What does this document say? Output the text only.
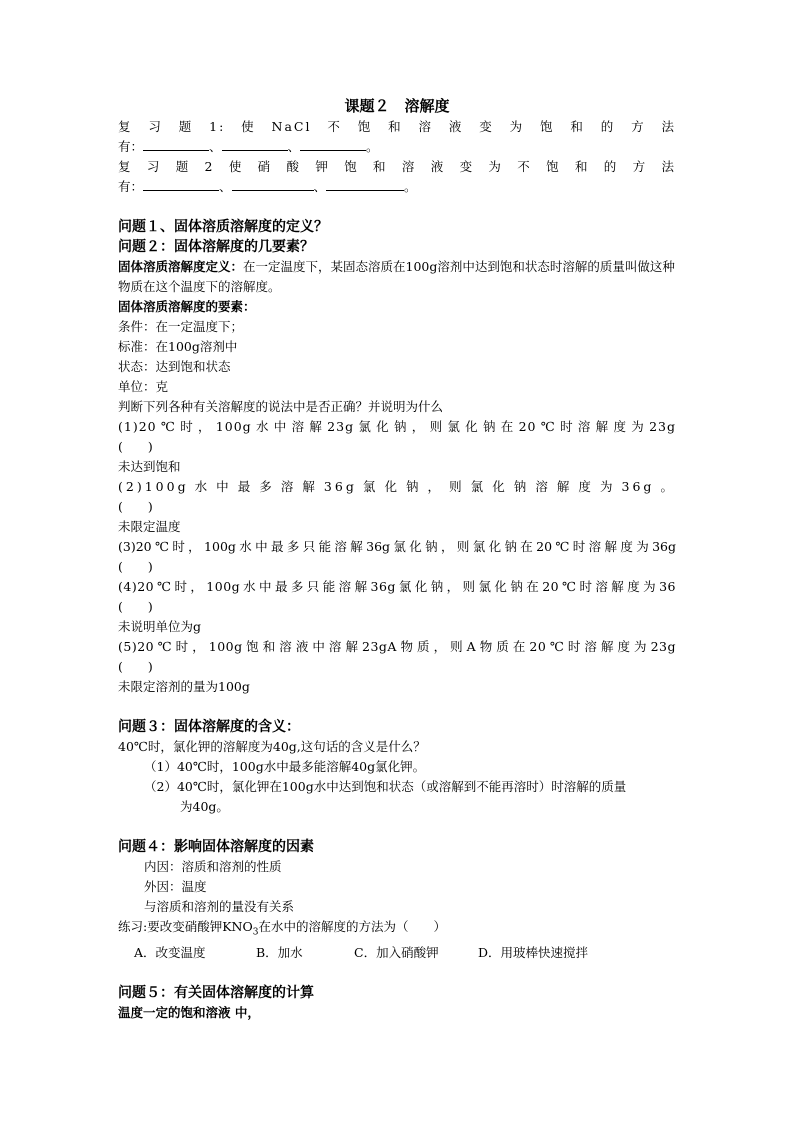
课题２　溶解度
复习题1:使NaCl不饱和溶液变为饱和的方法
有：	、	、	。
复习题2使硝酸钾饱和溶液变为不饱和的方法
有：	、	、	。
问题１、固体溶质溶解度的定义？
问题２：固体溶解度的几要素？
固体溶质溶解度定义：在一定温度下，某固态溶质在100g溶剂中达到饱和状态时溶解的质量叫做这种物质在这个温度下的溶解度。
固体溶质溶解度的要素：
条件：在一定温度下；
标准：在100g溶剂中
状态：达到饱和状态
单位：克
判断下列各种有关溶解度的说法中是否正确？并说明为什么
(1)20℃时，100g水中溶解23g氯化钠，则氯化钠在20℃时溶解度为23g
(　　)
未达到饱和
(2)100g水中最多溶解36g氯化钠，则氯化钠溶解度为36g。
(　　)
未限定温度
(3)20℃时，100g水中最多只能溶解36g氯化钠，则氯化钠在20℃时溶解度为36g
(　　)
(4)20℃时，100g水中最多只能溶解36g氯化钠，则氯化钠在20℃时溶解度为36
(　　)
未说明单位为g
(5)20℃时，100g饱和溶液中溶解23gA物质，则A物质在20℃时溶解度为23g
(　　)
未限定溶剂的量为100g
问题３：固体溶解度的含义：
40℃时，氯化钾的溶解度为40g,这句话的含义是什么？
（1）40℃时，100g水中最多能溶解40g氯化钾。
（2）40℃时，氯化钾在100g水中达到饱和状态（或溶解到不能再溶时）时溶解的质量
为40g。
问题４：影响固体溶解度的因素
内因：溶质和溶剂的性质
外因：温度
与溶质和溶剂的量没有关系
练习:要改变硝酸钾$KNO_3$在水中的溶解度的方法为（　　）
A．改变温度	B．加水	C．加入硝酸钾	D．用玻棒快速搅拌
问题５：有关固体溶解度的计算
温度一定的饱和溶液 中，
